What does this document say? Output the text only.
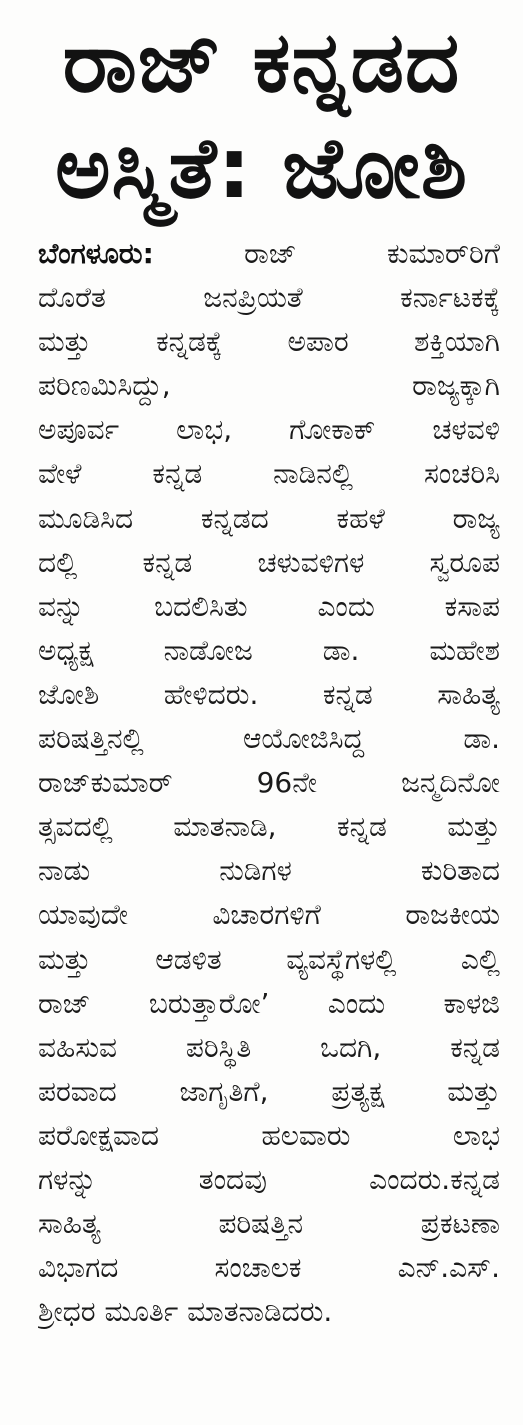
ರಾಜ್ ಕನ್ನಡದ
ಅಸ್ಮಿತೆ: ಜೋಶಿ
ಬೆಂಗಳೂರು: ರಾಜ್ ಕುಮಾರ್‌ರಿಗೆ
ದೊರೆತ ಜನಪ್ರಿಯತೆ ಕರ್ನಾಟಕಕ್ಕೆ
ಮತ್ತು ಕನ್ನಡಕ್ಕೆ ಅಪಾರ ಶಕ್ತಿಯಾಗಿ
ಪರಿಣಮಿಸಿದ್ದು, ರಾಜ್ಯಕ್ಕಾಗಿ
ಅಪೂರ್ವ ಲಾಭ, ಗೋಕಾಕ್ ಚಳವಳಿ
ವೇಳೆ ಕನ್ನಡ ನಾಡಿನಲ್ಲಿ ಸಂಚರಿಸಿ
ಮೂಡಿಸಿದ ಕನ್ನಡದ ಕಹಳೆ ರಾಜ್ಯ
ದಲ್ಲಿ ಕನ್ನಡ ಚಳುವಳಿಗಳ ಸ್ವರೂಪ
ವನ್ನು ಬದಲಿಸಿತು ಎಂದು ಕಸಾಪ
ಅಧ್ಯಕ್ಷ ನಾಡೋಜ ಡಾ. ಮಹೇಶ
ಜೋಶಿ ಹೇಳಿದರು. ಕನ್ನಡ ಸಾಹಿತ್ಯ
ಪರಿಷತ್ತಿನಲ್ಲಿ ಆಯೋಜಿಸಿದ್ದ ಡಾ.
ರಾಜ್‌ಕುಮಾರ್ 96ನೇ ಜನ್ಮದಿನೋ
ತ್ಸವದಲ್ಲಿ ಮಾತನಾಡಿ, ಕನ್ನಡ ಮತ್ತು
ನಾಡು ನುಡಿಗಳ ಕುರಿತಾದ
ಯಾವುದೇ ವಿಚಾರಗಳಿಗೆ ರಾಜಕೀಯ
ಮತ್ತು ಆಡಳಿತ ವ್ಯವಸ್ಥೆಗಳಲ್ಲಿ ಎಲ್ಲಿ
ರಾಜ್ ಬರುತ್ತಾರೋ’ ಎಂದು ಕಾಳಜಿ
ವಹಿಸುವ ಪರಿಸ್ಥಿತಿ ಒದಗಿ, ಕನ್ನಡ
ಪರವಾದ ಜಾಗೃತಿಗೆ, ಪ್ರತ್ಯಕ್ಷ ಮತ್ತು
ಪರೋಕ್ಷವಾದ ಹಲವಾರು ಲಾಭ
ಗಳನ್ನು ತಂದವು ಎಂದರು.ಕನ್ನಡ
ಸಾಹಿತ್ಯ ಪರಿಷತ್ತಿನ ಪ್ರಕಟಣಾ
ವಿಭಾಗದ ಸಂಚಾಲಕ ಎನ್.ಎಸ್.
ಶ್ರೀಧರ ಮೂರ್ತಿ ಮಾತನಾಡಿದರು.
